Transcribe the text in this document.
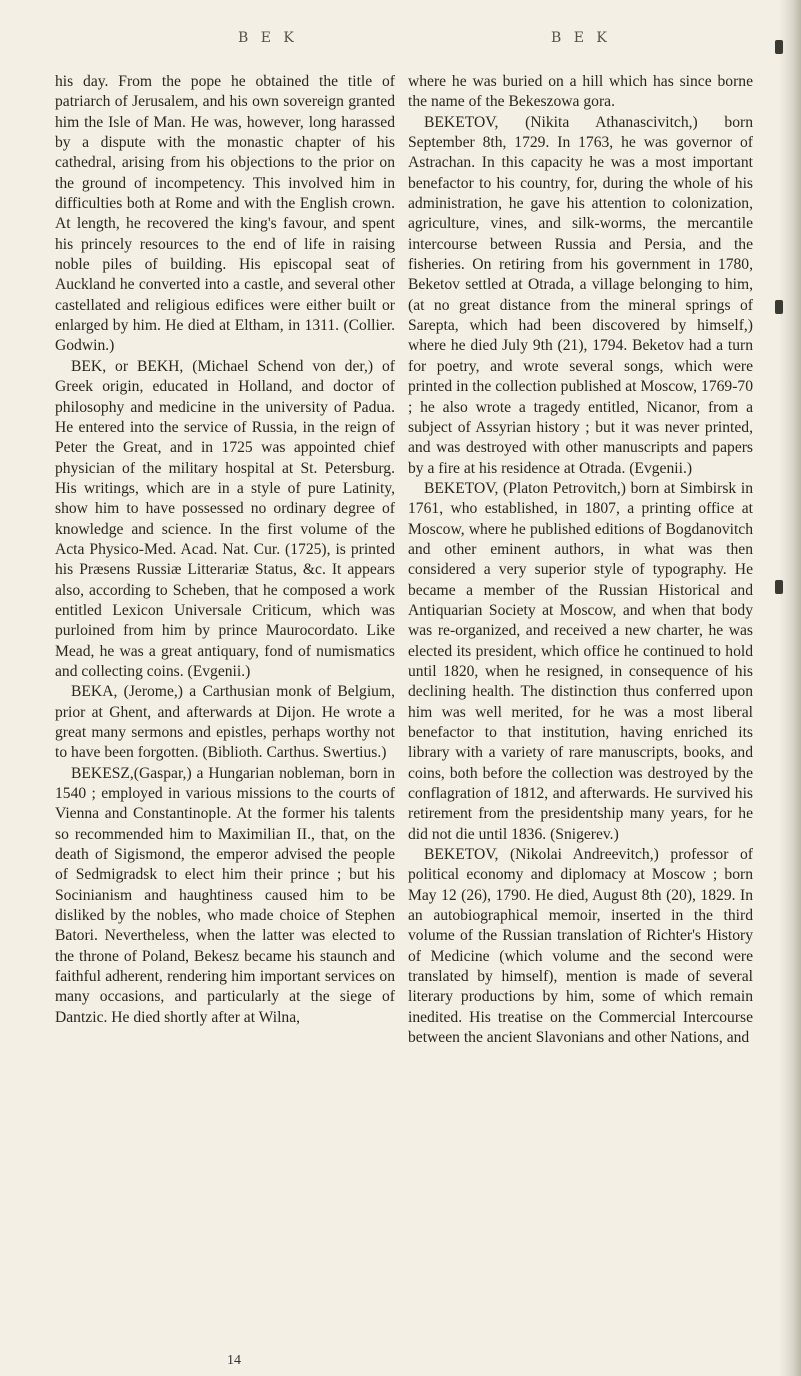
B E K	B E K

his day. From the pope he obtained the title of patriarch of Jerusalem, and his own sovereign granted him the Isle of Man. He was, however, long harassed by a dispute with the monastic chapter of his cathedral, arising from his objections to the prior on the ground of incompetency. This involved him in difficulties both at Rome and with the English crown. At length, he recovered the king's favour, and spent his princely resources to the end of life in raising noble piles of building. His episcopal seat of Auckland he converted into a castle, and several other castellated and religious edifices were either built or enlarged by him. He died at Eltham, in 1311. (Collier. Godwin.)

BEK, or BEKH, (Michael Schend von der,) of Greek origin, educated in Holland, and doctor of philosophy and medicine in the university of Padua. He entered into the service of Russia, in the reign of Peter the Great, and in 1725 was appointed chief physician of the military hospital at St. Petersburg. His writings, which are in a style of pure Latinity, show him to have possessed no ordinary degree of knowledge and science. In the first volume of the Acta Physico-Med. Acad. Nat. Cur. (1725), is printed his Præsens Russiæ Litterariæ Status, &c. It appears also, according to Scheben, that he composed a work entitled Lexicon Universale Criticum, which was purloined from him by prince Maurocordato. Like Mead, he was a great antiquary, fond of numismatics and collecting coins. (Evgenii.)

BEKA, (Jerome,) a Carthusian monk of Belgium, prior at Ghent, and afterwards at Dijon. He wrote a great many sermons and epistles, perhaps worthy not to have been forgotten. (Biblioth. Carthus. Swertius.)

BEKESZ,(Gaspar,) a Hungarian nobleman, born in 1540 ; employed in various missions to the courts of Vienna and Constantinople. At the former his talents so recommended him to Maximilian II., that, on the death of Sigismond, the emperor advised the people of Sedmigradsk to elect him their prince ; but his Socinianism and haughtiness caused him to be disliked by the nobles, who made choice of Stephen Batori. Nevertheless, when the latter was elected to the throne of Poland, Bekesz became his staunch and faithful adherent, rendering him important services on many occasions, and particularly at the siege of Dantzic. He died shortly after at Wilna,

where he was buried on a hill which has since borne the name of the Bekeszowa gora.

BEKETOV, (Nikita Athanascivitch,) born September 8th, 1729. In 1763, he was governor of Astrachan. In this capacity he was a most important benefactor to his country, for, during the whole of his administration, he gave his attention to colonization, agriculture, vines, and silk-worms, the mercantile intercourse between Russia and Persia, and the fisheries. On retiring from his government in 1780, Beketov settled at Otrada, a village belonging to him, (at no great distance from the mineral springs of Sarepta, which had been discovered by himself,) where he died July 9th (21), 1794. Beketov had a turn for poetry, and wrote several songs, which were printed in the collection published at Moscow, 1769-70 ; he also wrote a tragedy entitled, Nicanor, from a subject of Assyrian history ; but it was never printed, and was destroyed with other manuscripts and papers by a fire at his residence at Otrada. (Evgenii.)

BEKETOV, (Platon Petrovitch,) born at Simbirsk in 1761, who established, in 1807, a printing office at Moscow, where he published editions of Bogdanovitch and other eminent authors, in what was then considered a very superior style of typography. He became a member of the Russian Historical and Antiquarian Society at Moscow, and when that body was re-organized, and received a new charter, he was elected its president, which office he continued to hold until 1820, when he resigned, in consequence of his declining health. The distinction thus conferred upon him was well merited, for he was a most liberal benefactor to that institution, having enriched its library with a variety of rare manuscripts, books, and coins, both before the collection was destroyed by the conflagration of 1812, and afterwards. He survived his retirement from the presidentship many years, for he did not die until 1836. (Snigerev.)

BEKETOV, (Nikolai Andreevitch,) professor of political economy and diplomacy at Moscow ; born May 12 (26), 1790. He died, August 8th (20), 1829. In an autobiographical memoir, inserted in the third volume of the Russian translation of Richter's History of Medicine (which volume and the second were translated by himself), mention is made of several literary productions by him, some of which remain inedited. His treatise on the Commercial Intercourse between the ancient Slavonians and other Nations, and

14
